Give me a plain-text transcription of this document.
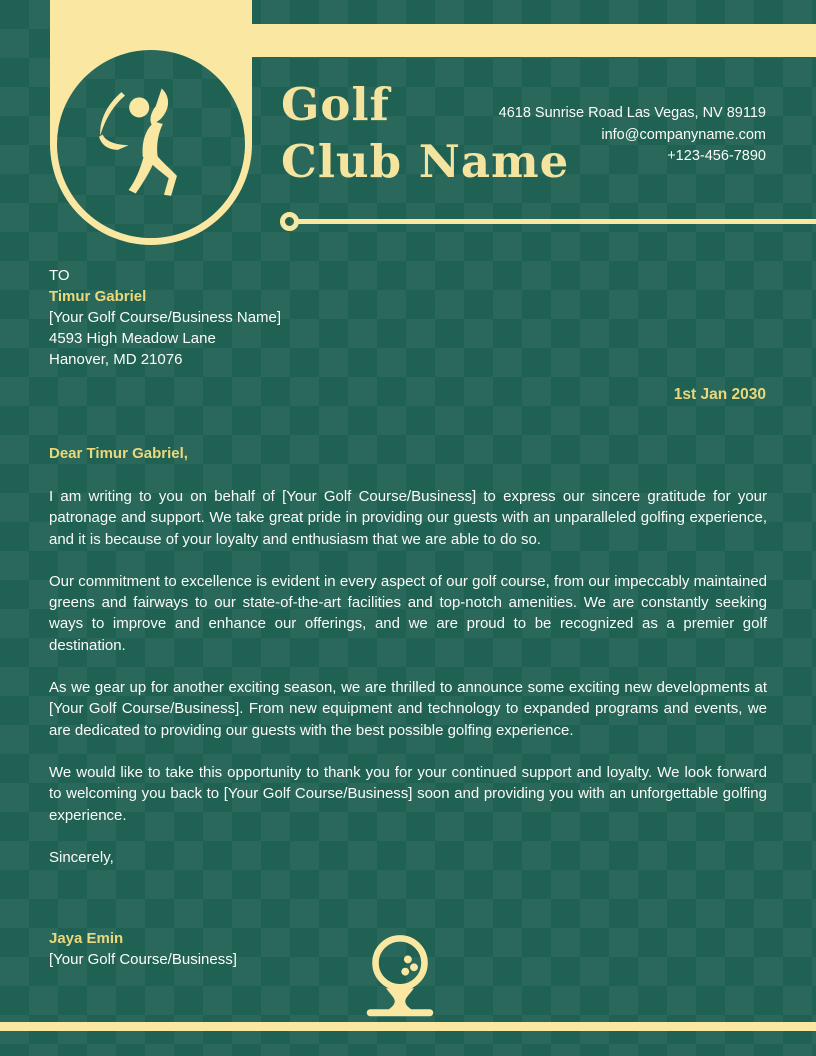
Golf
Club Name
4618 Sunrise Road Las Vegas, NV 89119
info@companyname.com
+123-456-7890
TO
Timur Gabriel
[Your Golf Course/Business Name]
4593 High Meadow Lane
Hanover, MD 21076
1st Jan 2030
Dear Timur Gabriel,

I am writing to you on behalf of [Your Golf Course/Business] to express our sincere gratitude for your patronage and support. We take great pride in providing our guests with an unparalleled golfing experience, and it is because of your loyalty and enthusiasm that we are able to do so.

Our commitment to excellence is evident in every aspect of our golf course, from our impeccably maintained greens and fairways to our state-of-the-art facilities and top-notch amenities. We are constantly seeking ways to improve and enhance our offerings, and we are proud to be recognized as a premier golf destination.

As we gear up for another exciting season, we are thrilled to announce some exciting new developments at [Your Golf Course/Business]. From new equipment and technology to expanded programs and events, we are dedicated to providing our guests with the best possible golfing experience.

We would like to take this opportunity to thank you for your continued support and loyalty. We look forward to welcoming you back to [Your Golf Course/Business] soon and providing you with an unforgettable golfing experience.

Sincerely,

Jaya Emin
[Your Golf Course/Business]
